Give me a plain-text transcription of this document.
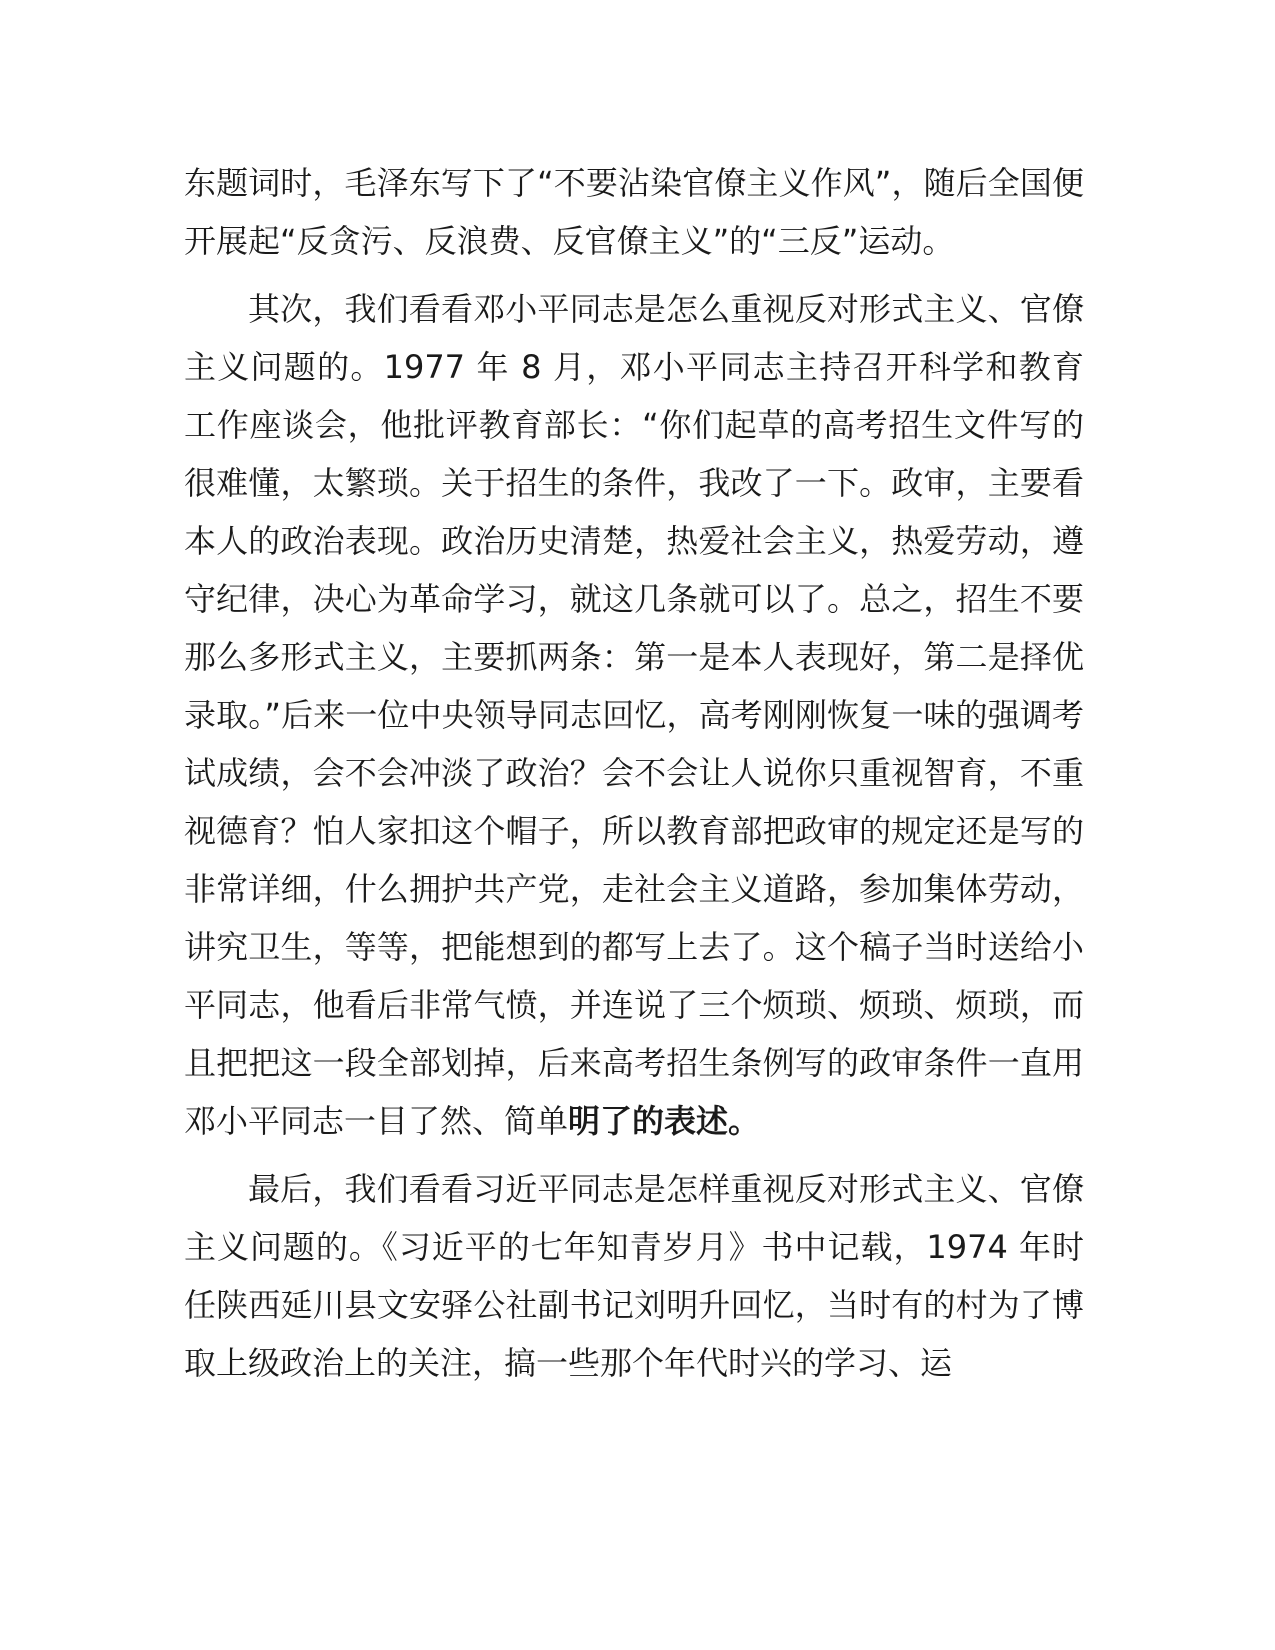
东题词时，毛泽东写下了“不要沾染官僚主义作风”，随后全国便开展起“反贪污、反浪费、反官僚主义”的“三反”运动。

其次，我们看看邓小平同志是怎么重视反对形式主义、官僚主义问题的。1977 年 8 月，邓小平同志主持召开科学和教育工作座谈会，他批评教育部长：“你们起草的高考招生文件写的很难懂，太繁琐。关于招生的条件，我改了一下。政审，主要看本人的政治表现。政治历史清楚，热爱社会主义，热爱劳动，遵守纪律，决心为革命学习，就这几条就可以了。总之，招生不要那么多形式主义，主要抓两条：第一是本人表现好，第二是择优录取。”后来一位中央领导同志回忆，高考刚刚恢复一味的强调考试成绩，会不会冲淡了政治？会不会让人说你只重视智育，不重视德育？怕人家扣这个帽子，所以教育部把政审的规定还是写的非常详细，什么拥护共产党，走社会主义道路，参加集体劳动，讲究卫生，等等，把能想到的都写上去了。这个稿子当时送给小平同志，他看后非常气愤，并连说了三个烦琐、烦琐、烦琐，而且把把这一段全部划掉，后来高考招生条例写的政审条件一直用邓小平同志一目了然、简单明了的表述。

最后，我们看看习近平同志是怎样重视反对形式主义、官僚主义问题的。《习近平的七年知青岁月》书中记载，1974 年时任陕西延川县文安驿公社副书记刘明升回忆，当时有的村为了博取上级政治上的关注，搞一些那个年代时兴的学习、运
